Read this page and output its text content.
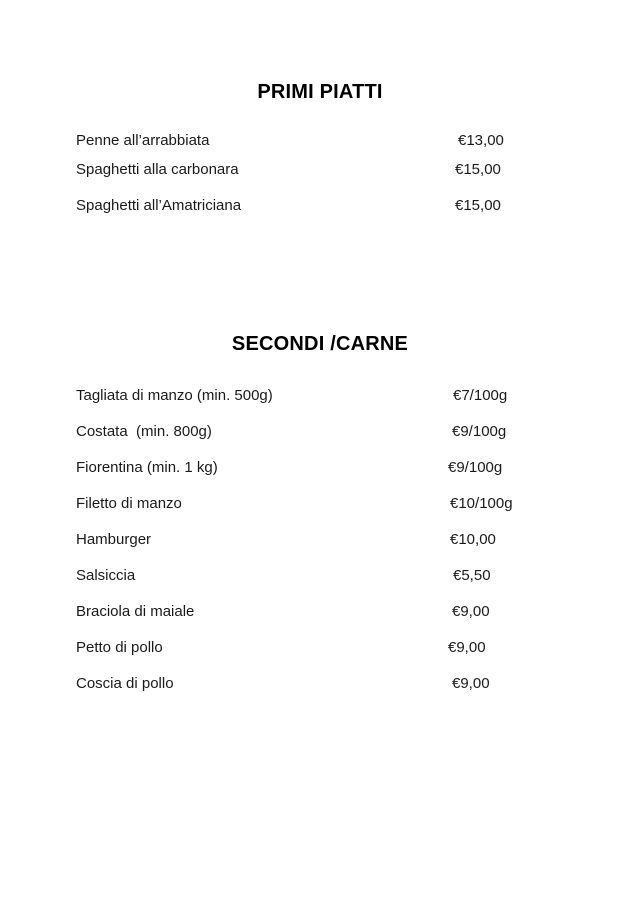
PRIMI PIATTI
Penne all’arrabbiata	€13,00
Spaghetti alla carbonara	€15,00
Spaghetti all’Amatriciana	€15,00
SECONDI /CARNE
Tagliata di manzo (min. 500g)	€7/100g
Costata  (min. 800g)	€9/100g
Fiorentina (min. 1 kg)	€9/100g
Filetto di manzo	€10/100g
Hamburger	€10,00
Salsiccia	€5,50
Braciola di maiale	€9,00
Petto di pollo	€9,00
Coscia di pollo	€9,00
